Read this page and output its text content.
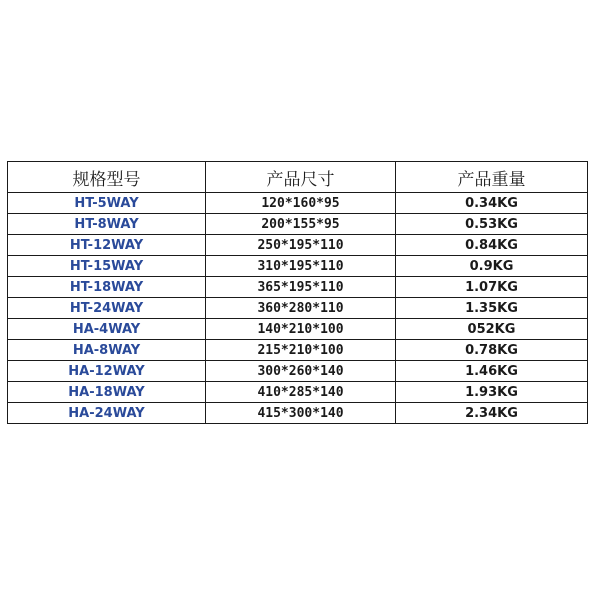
规格型号	产品尺寸	产品重量
HT-5WAY	120*160*95	0.34KG
HT-8WAY	200*155*95	0.53KG
HT-12WAY	250*195*110	0.84KG
HT-15WAY	310*195*110	0.9KG
HT-18WAY	365*195*110	1.07KG
HT-24WAY	360*280*110	1.35KG
HA-4WAY	140*210*100	052KG
HA-8WAY	215*210*100	0.78KG
HA-12WAY	300*260*140	1.46KG
HA-18WAY	410*285*140	1.93KG
HA-24WAY	415*300*140	2.34KG
